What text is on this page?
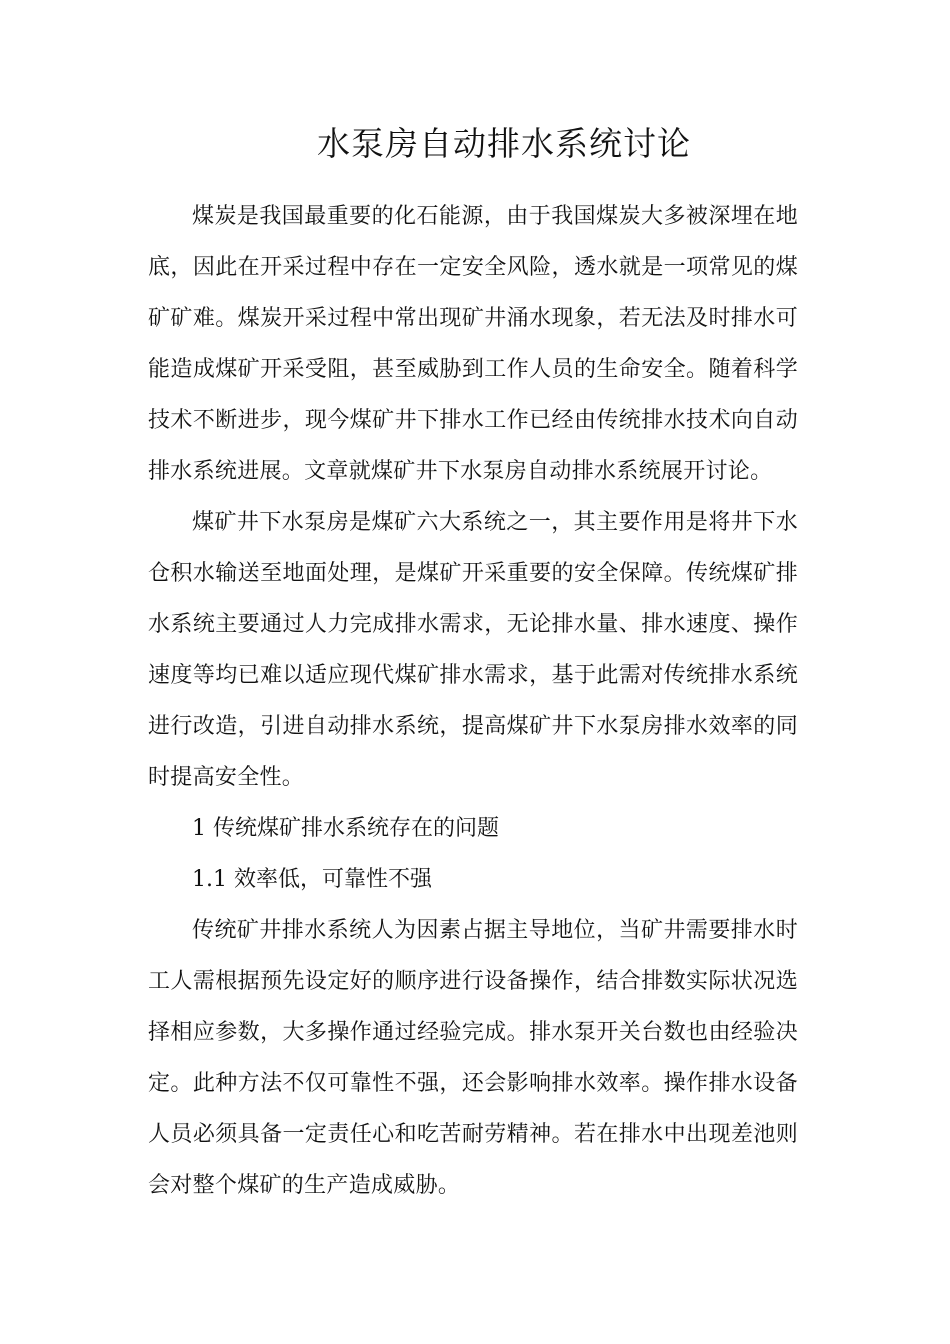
水泵房自动排水系统讨论

煤炭是我国最重要的化石能源，由于我国煤炭大多被深埋在地底，因此在开采过程中存在一定安全风险，透水就是一项常见的煤矿矿难。煤炭开采过程中常出现矿井涌水现象，若无法及时排水可能造成煤矿开采受阻，甚至威胁到工作人员的生命安全。随着科学技术不断进步，现今煤矿井下排水工作已经由传统排水技术向自动排水系统进展。文章就煤矿井下水泵房自动排水系统展开讨论。

煤矿井下水泵房是煤矿六大系统之一，其主要作用是将井下水仓积水输送至地面处理，是煤矿开采重要的安全保障。传统煤矿排水系统主要通过人力完成排水需求，无论排水量、排水速度、操作速度等均已难以适应现代煤矿排水需求，基于此需对传统排水系统进行改造，引进自动排水系统，提高煤矿井下水泵房排水效率的同时提高安全性。

1 传统煤矿排水系统存在的问题

1.1 效率低，可靠性不强

传统矿井排水系统人为因素占据主导地位，当矿井需要排水时工人需根据预先设定好的顺序进行设备操作，结合排数实际状况选择相应参数，大多操作通过经验完成。排水泵开关台数也由经验决定。此种方法不仅可靠性不强，还会影响排水效率。操作排水设备人员必须具备一定责任心和吃苦耐劳精神。若在排水中出现差池则会对整个煤矿的生产造成威胁。
